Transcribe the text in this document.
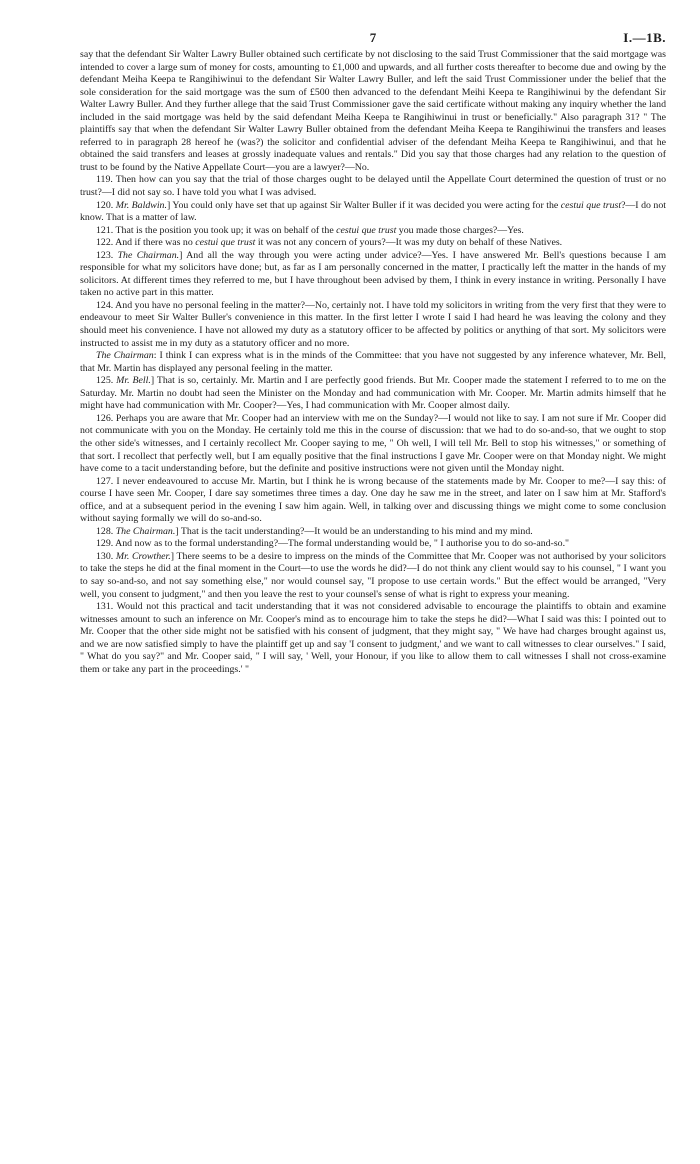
7	I.—1B.

say that the defendant Sir Walter Lawry Buller obtained such certificate by not disclosing to the said Trust Commissioner that the said mortgage was intended to cover a large sum of money for costs, amounting to £1,000 and upwards, and all further costs thereafter to become due and owing by the defendant Meiha Keepa te Rangihiwinui to the defendant Sir Walter Lawry Buller, and left the said Trust Commissioner under the belief that the sole consideration for the said mortgage was the sum of £500 then advanced to the defendant Meihi Keepa te Rangihiwinui by the defendant Sir Walter Lawry Buller. And they further allege that the said Trust Commissioner gave the said certificate without making any inquiry whether the land included in the said mortgage was held by the said defendant Meiha Keepa te Rangihiwinui in trust or beneficially." Also paragraph 31? " The plaintiffs say that when the defendant Sir Walter Lawry Buller obtained from the defendant Meiha Keepa te Rangihiwinui the transfers and leases referred to in paragraph 28 hereof he (was?) the solicitor and confidential adviser of the defendant Meiha Keepa te Rangihiwinui, and that he obtained the said transfers and leases at grossly inadequate values and rentals." Did you say that those charges had any relation to the question of trust to be found by the Native Appellate Court—you are a lawyer?—No.

119. Then how can you say that the trial of those charges ought to be delayed until the Appellate Court determined the question of trust or no trust?—I did not say so. I have told you what I was advised.

120. Mr. Baldwin.] You could only have set that up against Sir Walter Buller if it was decided you were acting for the cestui que trust?—I do not know. That is a matter of law.

121. That is the position you took up; it was on behalf of the cestui que trust you made those charges?—Yes.

122. And if there was no cestui que trust it was not any concern of yours?—It was my duty on behalf of these Natives.

123. The Chairman.] And all the way through you were acting under advice?—Yes. I have answered Mr. Bell's questions because I am responsible for what my solicitors have done; but, as far as I am personally concerned in the matter, I practically left the matter in the hands of my solicitors. At different times they referred to me, but I have throughout been advised by them, I think in every instance in writing. Personally I have taken no active part in this matter.

124. And you have no personal feeling in the matter?—No, certainly not. I have told my solicitors in writing from the very first that they were to endeavour to meet Sir Walter Buller's convenience in this matter. In the first letter I wrote I said I had heard he was leaving the colony and they should meet his convenience. I have not allowed my duty as a statutory officer to be affected by politics or anything of that sort. My solicitors were instructed to assist me in my duty as a statutory officer and no more.

The Chairman: I think I can express what is in the minds of the Committee: that you have not suggested by any inference whatever, Mr. Bell, that Mr. Martin has displayed any personal feeling in the matter.

125. Mr. Bell.] That is so, certainly. Mr. Martin and I are perfectly good friends. But Mr. Cooper made the statement I referred to to me on the Saturday. Mr. Martin no doubt had seen the Minister on the Monday and had communication with Mr. Cooper. Mr. Martin admits himself that he might have had communication with Mr. Cooper?—Yes, I had communication with Mr. Cooper almost daily.

126. Perhaps you are aware that Mr. Cooper had an interview with me on the Sunday?—I would not like to say. I am not sure if Mr. Cooper did not communicate with you on the Monday. He certainly told me this in the course of discussion: that we had to do so-and-so, that we ought to stop the other side's witnesses, and I certainly recollect Mr. Cooper saying to me, " Oh well, I will tell Mr. Bell to stop his witnesses," or something of that sort. I recollect that perfectly well, but I am equally positive that the final instructions I gave Mr. Cooper were on that Monday night. We might have come to a tacit understanding before, but the definite and positive instructions were not given until the Monday night.

127. I never endeavoured to accuse Mr. Martin, but I think he is wrong because of the statements made by Mr. Cooper to me?—I say this: of course I have seen Mr. Cooper, I dare say sometimes three times a day. One day he saw me in the street, and later on I saw him at Mr. Stafford's office, and at a subsequent period in the evening I saw him again. Well, in talking over and discussing things we might come to some conclusion without saying formally we will do so-and-so.

128. The Chairman.] That is the tacit understanding?—It would be an understanding to his mind and my mind.

129. And now as to the formal understanding?—The formal understanding would be, " I authorise you to do so-and-so."

130. Mr. Crowther.] There seems to be a desire to impress on the minds of the Committee that Mr. Cooper was not authorised by your solicitors to take the steps he did at the final moment in the Court—to use the words he did?—I do not think any client would say to his counsel, " I want you to say so-and-so, and not say something else," nor would counsel say, "I propose to use certain words." But the effect would be arranged, "Very well, you consent to judgment," and then you leave the rest to your counsel's sense of what is right to express your meaning.

131. Would not this practical and tacit understanding that it was not considered advisable to encourage the plaintiffs to obtain and examine witnesses amount to such an inference on Mr. Cooper's mind as to encourage him to take the steps he did?—What I said was this: I pointed out to Mr. Cooper that the other side might not be satisfied with his consent of judgment, that they might say, " We have had charges brought against us, and we are now satisfied simply to have the plaintiff get up and say 'I consent to judgment,' and we want to call witnesses to clear ourselves." I said, " What do you say?" and Mr. Cooper said, " I will say, ' Well, your Honour, if you like to allow them to call witnesses I shall not cross-examine them or take any part in the proceedings.' "
